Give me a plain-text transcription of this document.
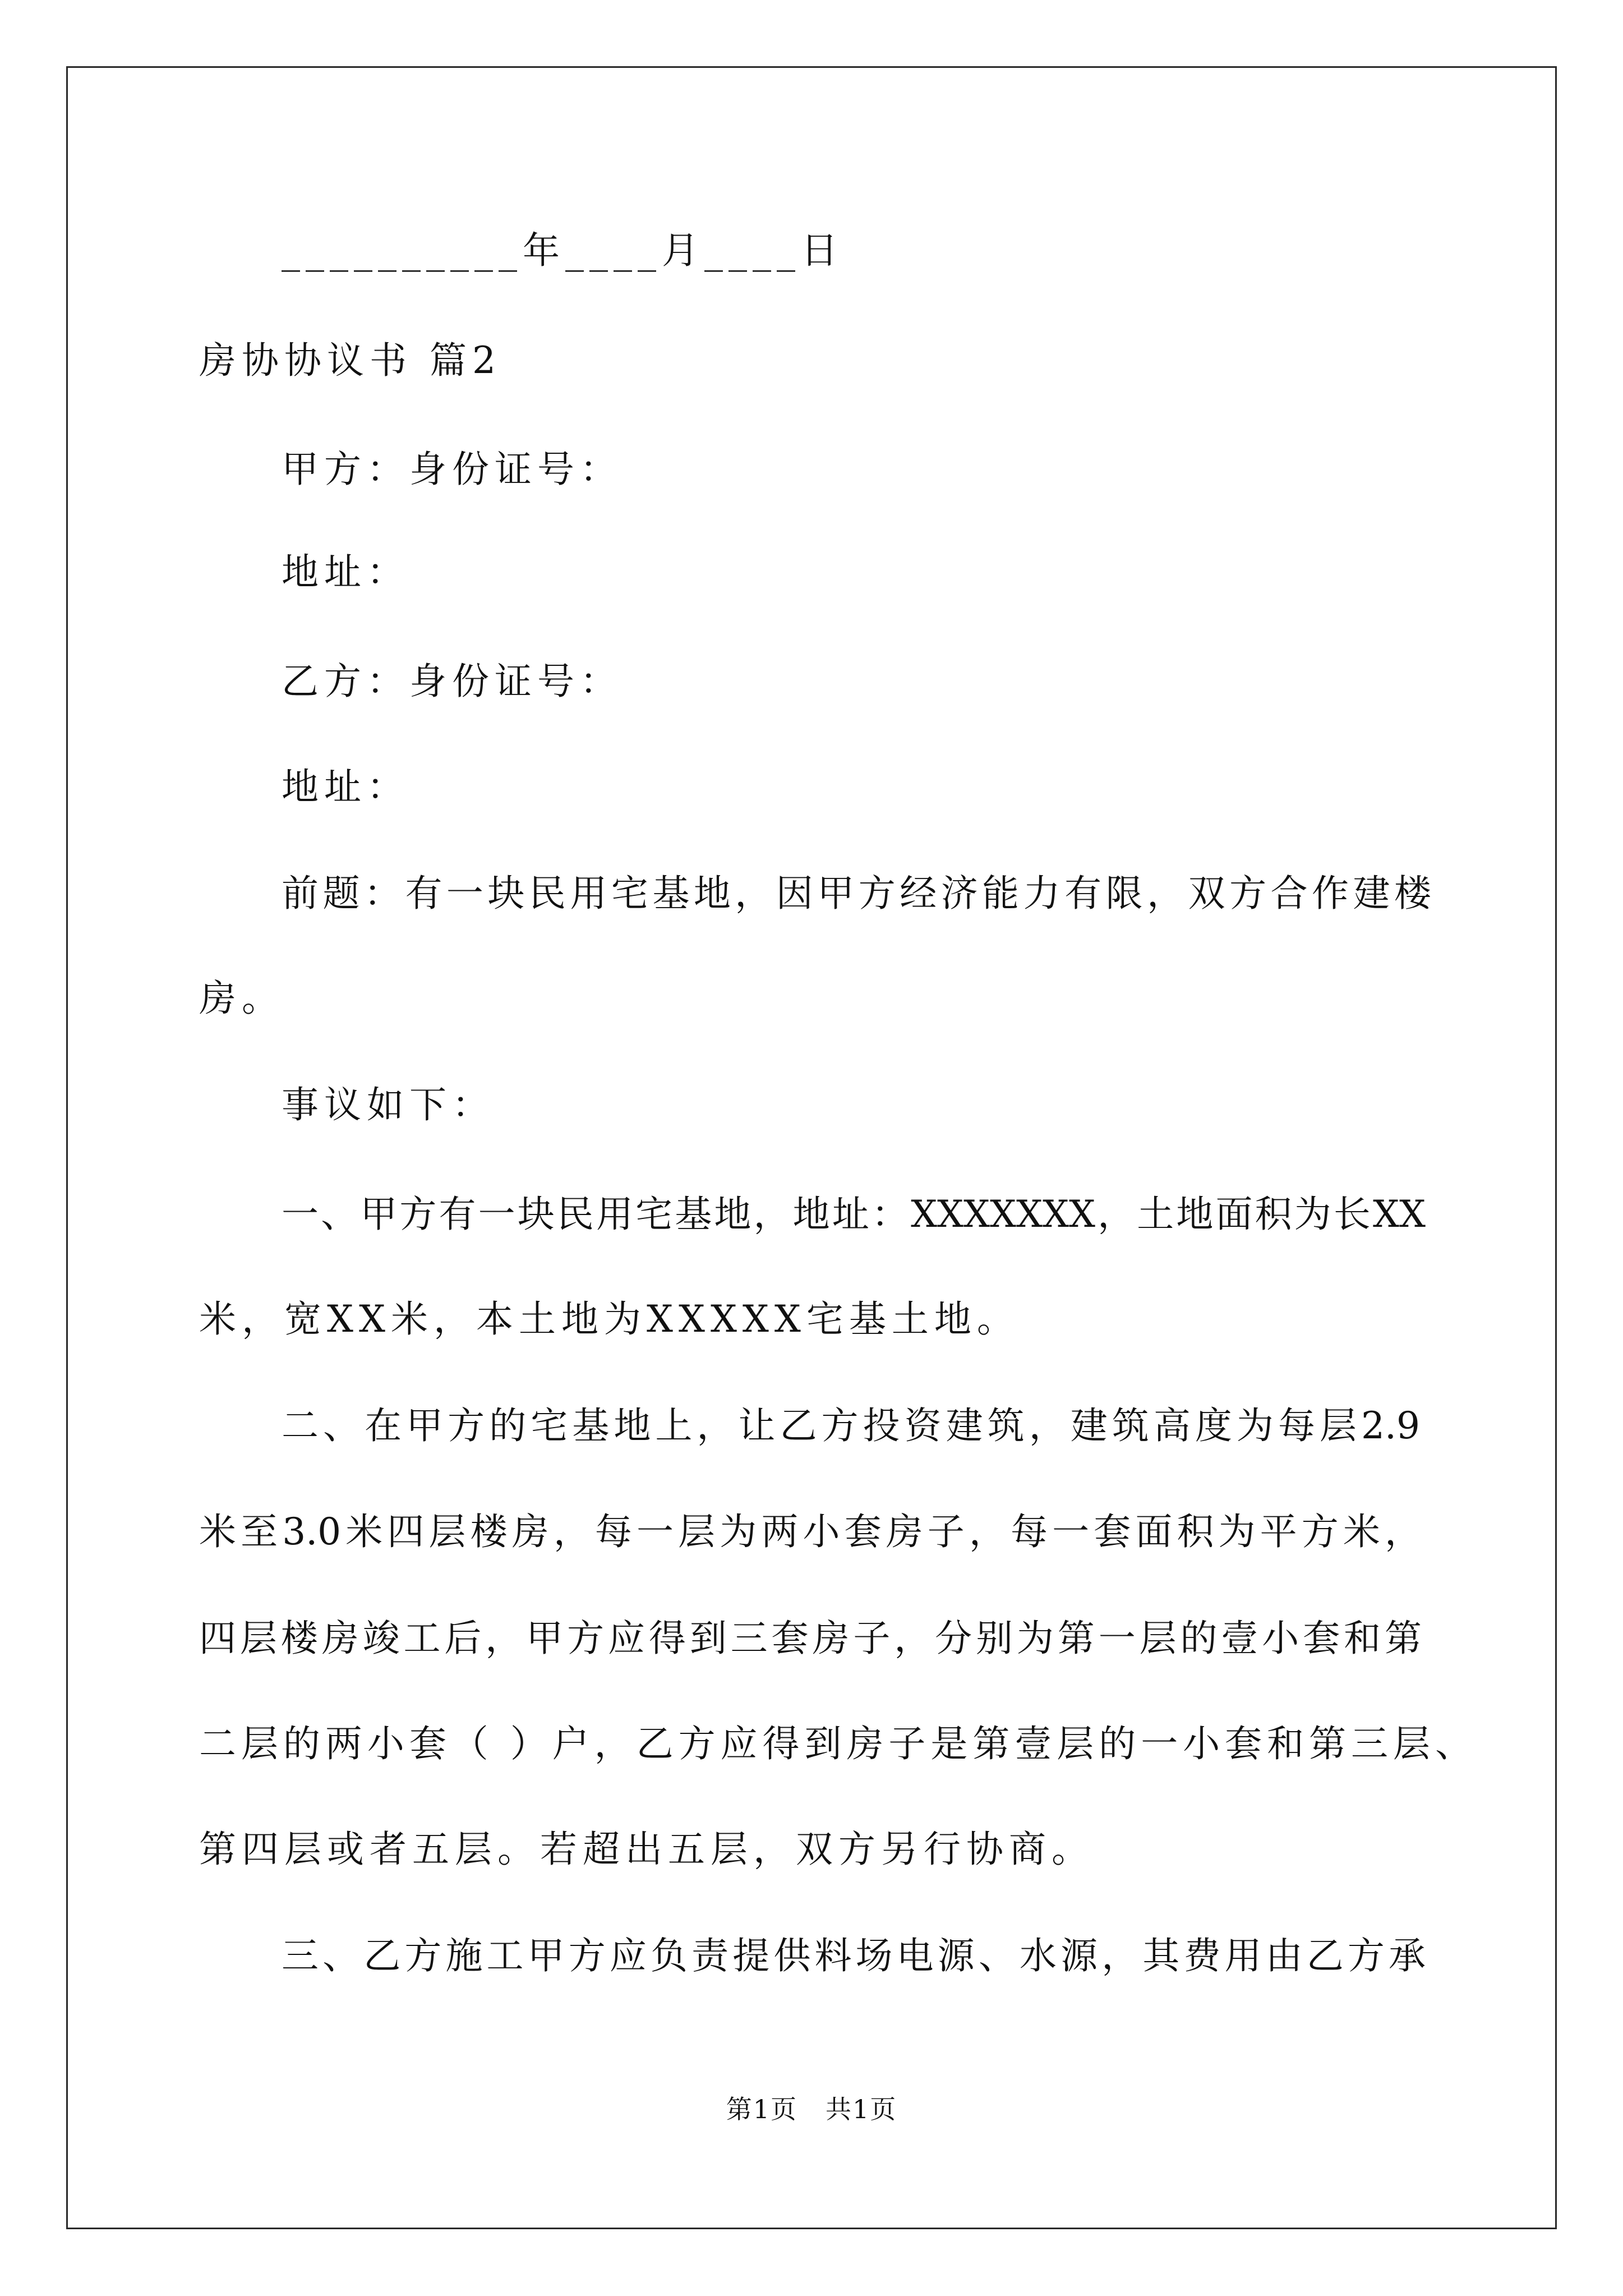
__________年____月____日
房协协议书 篇2
甲方：身份证号：
地址：
乙方：身份证号：
地址：
前题：有一块民用宅基地，因甲方经济能力有限，双方合作建楼
房。
事议如下：
一、甲方有一块民用宅基地，地址：XXXXXXX，土地面积为长XX
米，宽XX米，本土地为XXXXX宅基土地。
二、在甲方的宅基地上，让乙方投资建筑，建筑高度为每层2.9
米至3.0米四层楼房，每一层为两小套房子，每一套面积为平方米，
四层楼房竣工后，甲方应得到三套房子，分别为第一层的壹小套和第
二层的两小套（ ）户，乙方应得到房子是第壹层的一小套和第三层、
第四层或者五层。若超出五层，双方另行协商。
三、乙方施工甲方应负责提供料场电源、水源，其费用由乙方承
第1页 共1页
